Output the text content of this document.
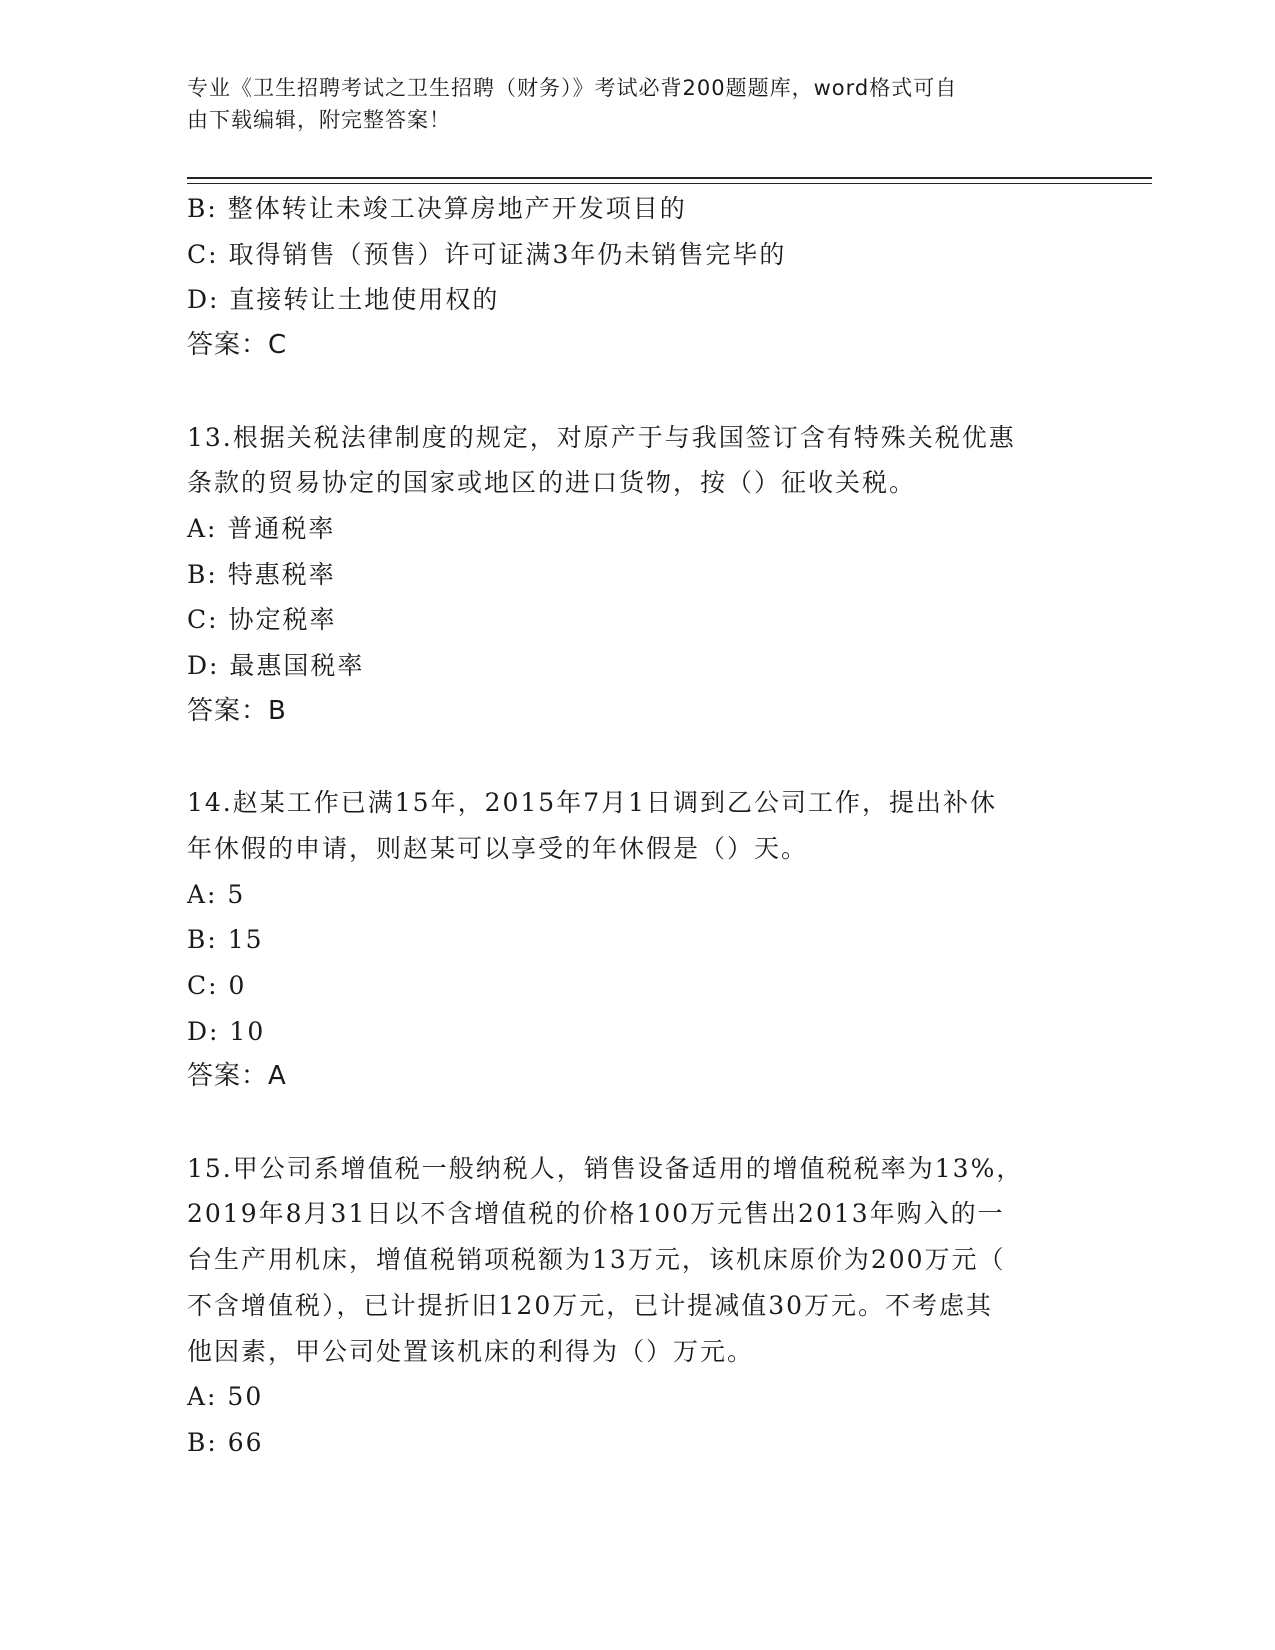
专业《卫生招聘考试之卫生招聘（财务）》考试必背200题题库，word格式可自
由下载编辑，附完整答案！
B: 整体转让未竣工决算房地产开发项目的
C: 取得销售（预售）许可证满3年仍未销售完毕的
D: 直接转让土地使用权的
答案：C
13.根据关税法律制度的规定，对原产于与我国签订含有特殊关税优惠
条款的贸易协定的国家或地区的进口货物，按（）征收关税。
A: 普通税率
B: 特惠税率
C: 协定税率
D: 最惠国税率
答案：B
14.赵某工作已满15年，2015年7月1日调到乙公司工作，提出补休
年休假的申请，则赵某可以享受的年休假是（）天。
A: 5
B: 15
C: 0
D: 10
答案：A
15.甲公司系增值税一般纳税人，销售设备适用的增值税税率为13%，
2019年8月31日以不含增值税的价格100万元售出2013年购入的一
台生产用机床，增值税销项税额为13万元，该机床原价为200万元（
不含增值税），已计提折旧120万元，已计提减值30万元。不考虑其
他因素，甲公司处置该机床的利得为（）万元。
A: 50
B: 66
